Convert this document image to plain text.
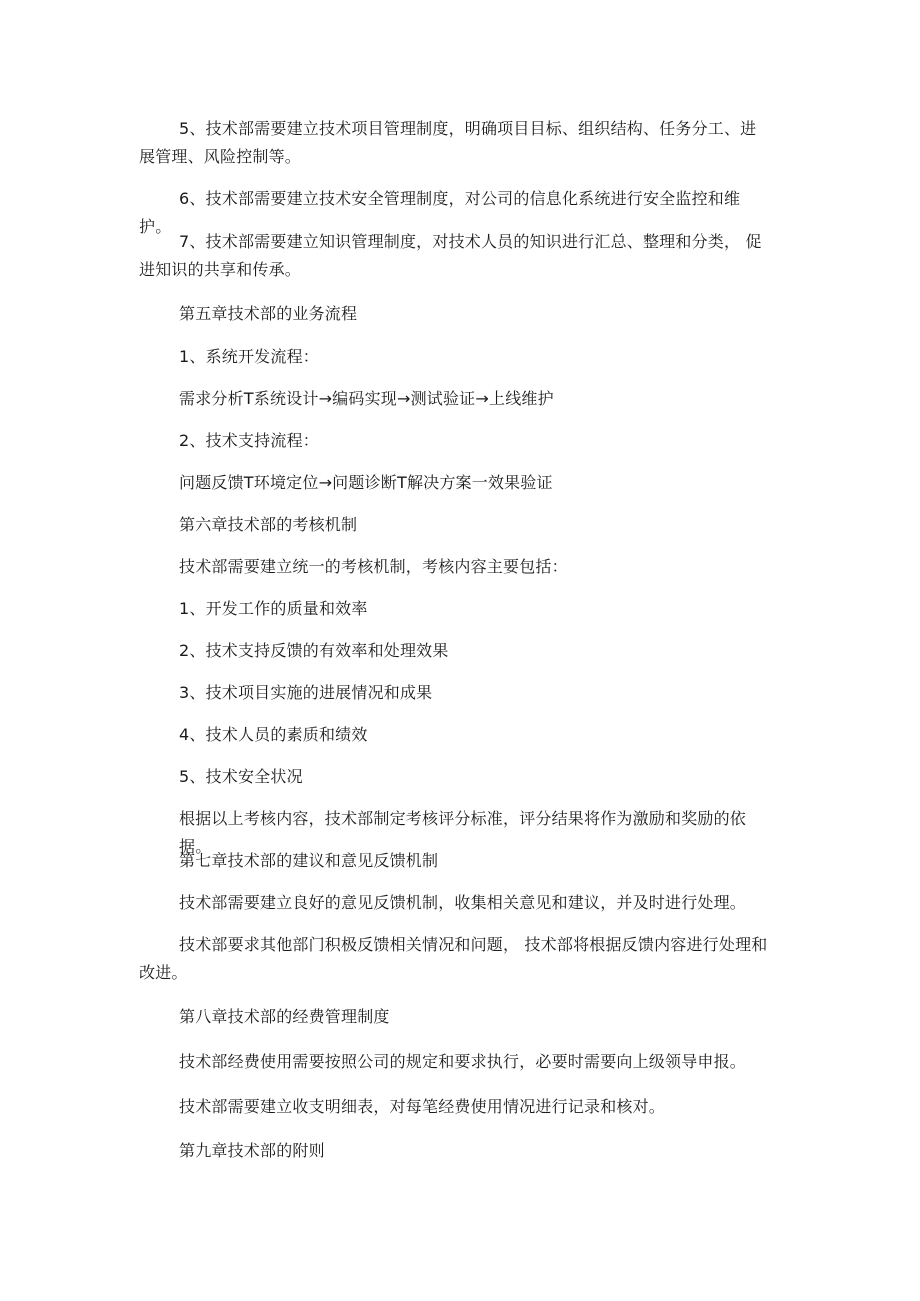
5、技术部需要建立技术项目管理制度，明确项目目标、组织结构、任务分工、进展管理、风险控制等。

6、技术部需要建立技术安全管理制度，对公司的信息化系统进行安全监控和维护。

7、技术部需要建立知识管理制度，对技术人员的知识进行汇总、整理和分类， 促进知识的共享和传承。

第五章技术部的业务流程

1、系统开发流程：

需求分析T系统设计→编码实现→测试验证→上线维护

2、技术支持流程：

问题反馈T环境定位→问题诊断T解决方案一效果验证

第六章技术部的考核机制

技术部需要建立统一的考核机制，考核内容主要包括：

1、开发工作的质量和效率

2、技术支持反馈的有效率和处理效果

3、技术项目实施的进展情况和成果

4、技术人员的素质和绩效

5、技术安全状况

根据以上考核内容，技术部制定考核评分标准，评分结果将作为激励和奖励的依据。

第七章技术部的建议和意见反馈机制

技术部需要建立良好的意见反馈机制，收集相关意见和建议，并及时进行处理。

技术部要求其他部门积极反馈相关情况和问题， 技术部将根据反馈内容进行处理和改进。

第八章技术部的经费管理制度

技术部经费使用需要按照公司的规定和要求执行，必要时需要向上级领导申报。

技术部需要建立收支明细表，对每笔经费使用情况进行记录和核对。

第九章技术部的附则
